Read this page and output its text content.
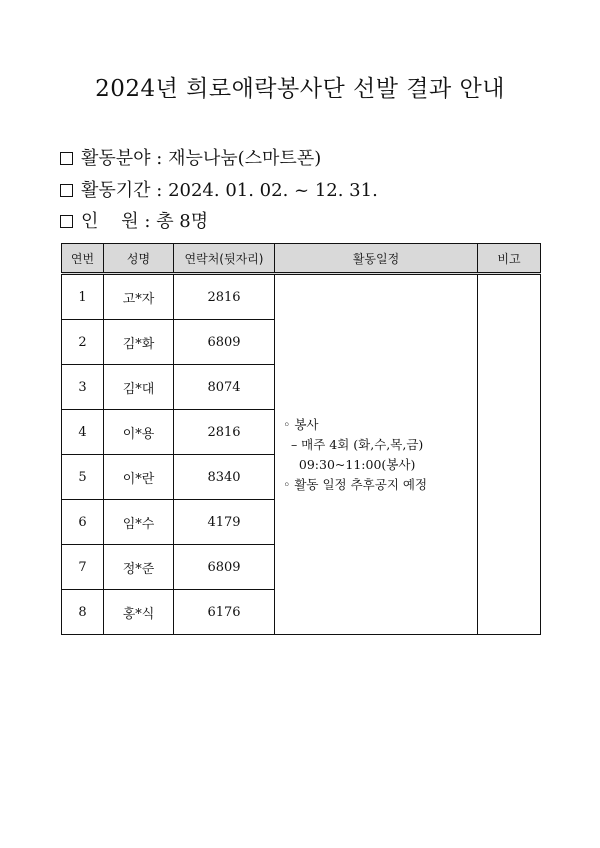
2024년 희로애락봉사단 선발 결과 안내
활동분야 : 재능나눔(스마트폰)
활동기간 : 2024. 01. 02. ~ 12. 31.
인    원 : 총 8명
연번	성명	연락처(뒷자리)	활동일정	비고
1	고*자	2816	◦ 봉사
– 매주 4회 (화,수,목,금)
09:30~11:00(봉사)
◦ 활동 일정 추후공지 예정	

2	김*화	6809		
3	김*대	8074		
4	이*용	2816		
5	이*란	8340		
6	임*수	4179		
7	정*준	6809		
8	홍*식	6176		
